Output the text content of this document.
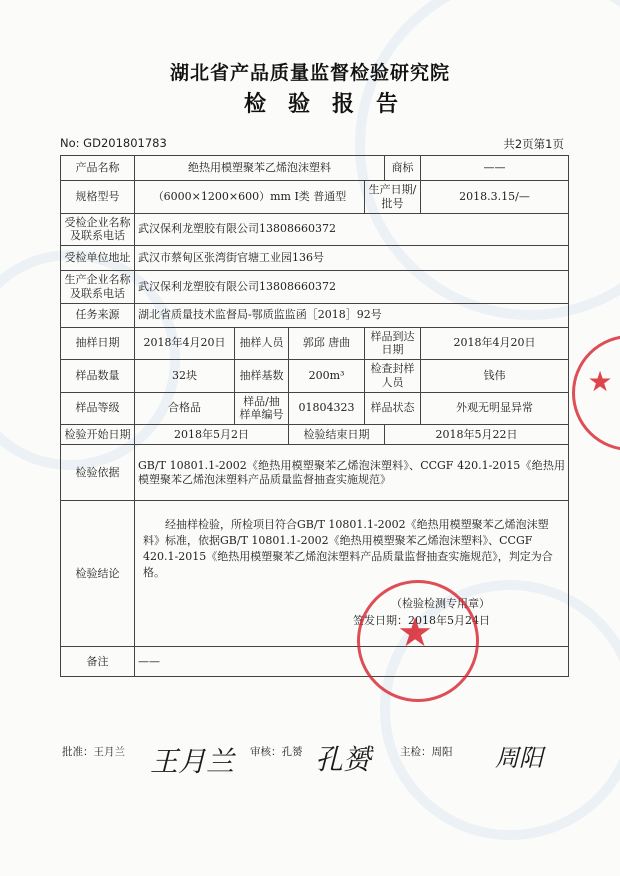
湖北省产品质量监督检验研究院
检验报告
No: GD201801783	共2页第1页
产品名称	绝热用模塑聚苯乙烯泡沫塑料				商标	——
规格型号	（6000×1200×600）mm I类 普通型			生产日期/批号		2018.3.15/—
受检企业名称及联系电话	武汉保利龙塑胶有限公司13808660372					
受检单位地址	武汉市蔡甸区张湾街官塘工业园136号					
生产企业名称及联系电话	武汉保利龙塑胶有限公司13808660372					
任务来源	湖北省质量技术监督局-鄂质监监函［2018］92号					
抽样日期	2018年4月20日	抽样人员	郭邱 唐曲	样品到达日期		2018年4月20日
样品数量	32块	抽样基数	200m³	检查封样人员		钱伟
样品等级	合格品	样品/抽样单编号	01804323	样品状态		外观无明显异常
检验开始日期	2018年5月2日		检验结束日期		2018年5月22日	
检验依据	GB/T 10801.1-2002《绝热用模塑聚苯乙烯泡沫塑料》、CCGF 420.1-2015《绝热用模塑聚苯乙烯泡沫塑料产品质量监督抽查实施规范》					
检验结论	经抽样检验，所检项目符合GB/T 10801.1-2002《绝热用模塑聚苯乙烯泡沫塑料》标准，依据GB/T 10801.1-2002《绝热用模塑聚苯乙烯泡沫塑料》、CCGF 420.1-2015《绝热用模塑聚苯乙烯泡沫塑料产品质量监督抽查实施规范》，判定为合格。
（检验检测专用章）
签发日期：2018年5月24日					

备注	——					
★
★
批准：王月兰	审核：孔赟	主检：周阳
王月兰	孔赟	周阳
